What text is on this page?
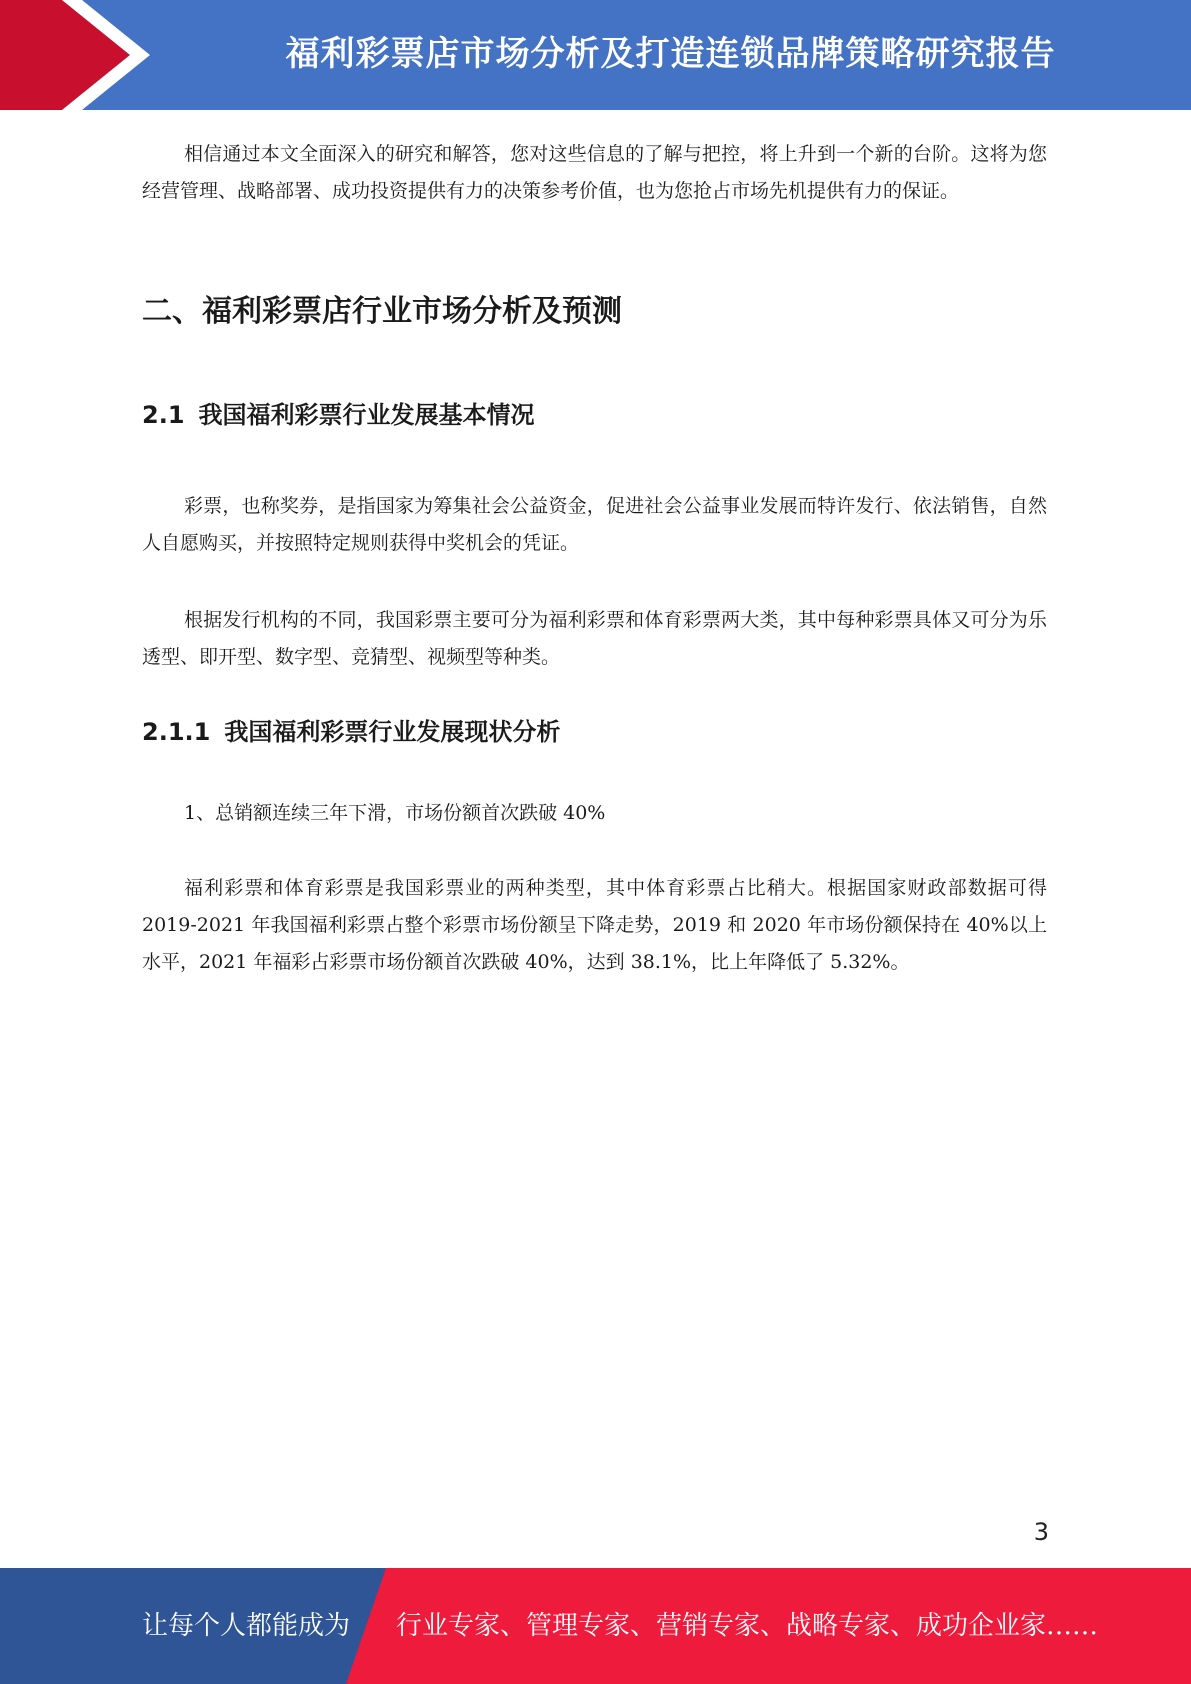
福利彩票店市场分析及打造连锁品牌策略研究报告

相信通过本文全面深入的研究和解答，您对这些信息的了解与把控，将上升到一个新的台阶。这将为您经营管理、战略部署、成功投资提供有力的决策参考价值，也为您抢占市场先机提供有力的保证。

二、福利彩票店行业市场分析及预测
2.1 我国福利彩票行业发展基本情况

彩票，也称奖券，是指国家为筹集社会公益资金，促进社会公益事业发展而特许发行、依法销售，自然人自愿购买，并按照特定规则获得中奖机会的凭证。

根据发行机构的不同，我国彩票主要可分为福利彩票和体育彩票两大类，其中每种彩票具体又可分为乐透型、即开型、数字型、竞猜型、视频型等种类。

2.1.1 我国福利彩票行业发展现状分析

1、总销额连续三年下滑，市场份额首次跌破 40%

福利彩票和体育彩票是我国彩票业的两种类型，其中体育彩票占比稍大。根据国家财政部数据可得 2019-2021 年我国福利彩票占整个彩票市场份额呈下降走势，2019 和 2020 年市场份额保持在 40%以上水平，2021 年福彩占彩票市场份额首次跌破 40%，达到 38.1%，比上年降低了 5.32%。

3
让每个人都能成为 行业专家、管理专家、营销专家、战略专家、成功企业家……
